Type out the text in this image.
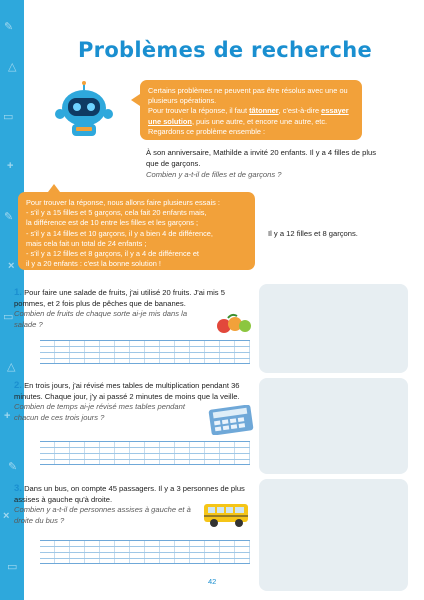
✎
△
▭
+
✎
×
▭
△
+
✎
×
▭
Problèmes de recherche
Certains problèmes ne peuvent pas être résolus avec une ou plusieurs opérations.
Pour trouver la réponse, il faut tâtonner, c'est-à-dire essayer une solution, puis une autre, et encore une autre, etc.
Regardons ce problème ensemble :
À son anniversaire, Mathilde a invité 20 enfants. Il y a 4 filles de plus que de garçons.
Combien y a-t-il de filles et de garçons ?
Pour trouver la réponse, nous allons faire plusieurs essais :
- s'il y a 15 filles et 5 garçons, cela fait 20 enfants mais,
la différence est de 10 entre les filles et les garçons ;
- s'il y a 14 filles et 10 garçons, il y a bien 4 de différence,
mais cela fait un total de 24 enfants ;
- s'il y a 12 filles et 8 garçons, il y a 4 de différence et
il y a 20 enfants : c'est la bonne solution !
Il y a 12 filles et 8 garçons.
1. Pour faire une salade de fruits, j'ai utilisé 20 fruits. J'ai mis 5 pommes, et 2 fois plus de pêches que de bananes.
Combien de fruits de chaque sorte ai-je mis dans la salade ?
2. En trois jours, j'ai révisé mes tables de multiplication pendant 36 minutes. Chaque jour, j'y ai passé 2 minutes de moins que la veille.
Combien de temps ai-je révisé mes tables pendant chacun de ces trois jours ?
3. Dans un bus, on compte 45 passagers. Il y a 3 personnes de plus assises à gauche qu'à droite.
Combien y a-t-il de personnes assises à gauche et à droite du bus ?
42
